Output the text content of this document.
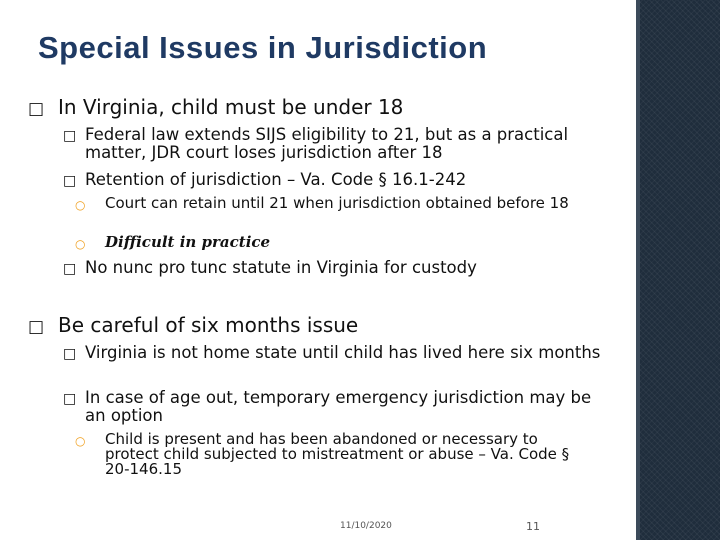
Special Issues in Jurisdiction
□ In Virginia, child must be under 18
□ Federal law extends SIJS eligibility to 21, but as a practical matter, JDR court loses jurisdiction after 18
□ Retention of jurisdiction – Va. Code § 16.1-242
○	Court can retain until 21 when jurisdiction obtained before 18
○	Difficult in practice
□ No nunc pro tunc statute in Virginia for custody
□ Be careful of six months issue
□ Virginia is not home state until child has lived here six months
□ In case of age out, temporary emergency jurisdiction may be an option
○	Child is present and has been abandoned or necessary to protect child subjected to mistreatment or abuse – Va. Code § 20-146.15
11/10/2020	11
